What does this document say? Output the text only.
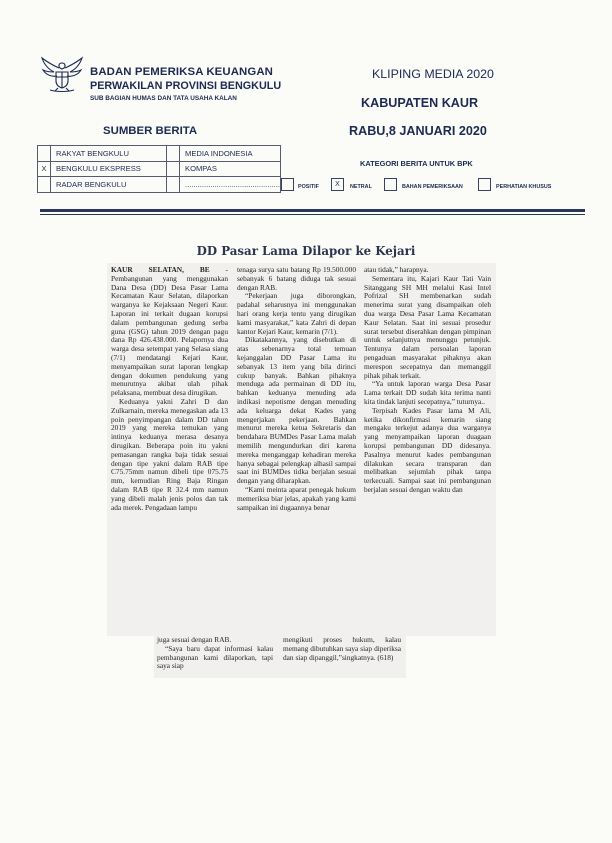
BADAN PEMERIKSA KEUANGAN
PERWAKILAN PROVINSI BENGKULU
SUB BAGIAN HUMAS DAN TATA USAHA KALAN
KLIPING MEDIA 2020
KABUPATEN KAUR
SUMBER BERITA	RABU,8 JANUARI 2020
	RAKYAT BENGKULU		MEDIA INDONESIA
X	BENGKULU EKSPRESS		KOMPAS
	RADAR BENGKULU		.............................................
KATEGORI BERITA UNTUK BPK
POSITIF	X	NETRAL	BAHAN PEMERIKSAAN	PERHATIAN KHUSUS
DD Pasar Lama Dilapor ke Kejari

KAUR SELATAN, BE - Pembangunan yang menggunakan Dana Desa (DD) Desa Pasar Lama Kecamatan Kaur Selatan, dilaporkan warganya ke Kejaksaan Negeri Kaur. Laporan ini terkait dugaan korupsi dalam pembangunan gedung serba guna (GSG) tahun 2019 dengan pagu dana Rp 426.438.000. Pelapornya dua warga desa setempat yang Selasa siang (7/1) mendatangi Kejari Kaur, menyampaikan surat laporan lengkap dengan dokumen pendukung yang menurutnya akibat ulah pihak pelaksana, membuat desa dirugikan.

Keduanya yakni Zahri D dan Zulkarnain, mereka menegaskan ada 13 poin penyimpangan dalam DD tahun 2019 yang mereka temukan yang intinya keduanya merasa desanya dirugikan. Beberapa poin itu yakni pemasangan rangka baja tidak sesuai dengan tipe yakni dalam RAB tipe C75.75mm namun dibeli tipe 075.75 mm, kemudian Ring Baja Ringan dalam RAB tipe R 32.4 mm namun yang dibeli malah jenis polos dan tak ada merek. Pengadaan lampu

tenaga surya satu batang Rp 19.500.000 sebanyak 6 batang diduga tak sesuai dengan RAB.

“Pekerjaan juga diborongkan, padahal seharusnya ini menggunakan hari orang kerja tentu yang dirugikan kami masyarakat,” kata Zahri di depan kantor Kejari Kaur, kemarin (7/1).

Dikatakannya, yang disebutkan di atas sebenarnya total temuan kejanggalan DD Pasar Lama itu sebanyak 13 item yang bila dirinci cukup banyak. Bahkan pihaknya menduga ada permainan di DD itu, bahkan keduanya menuding ada indikasi nepotisme dengan menuding ada keluarga dekat Kades yang mengerjakan pekerjaan. Bahkan menurut mereka ketua Sekretaris dan bendahara BUMDes Pasar Lama malah memilih mengundurkan diri karena mereka menganggap kehadiran mereka hanya sebagai pelengkap alhasil sampai saat ini BUMDes tidka berjalan sesuai dengan yang diharapkan.

“Kami meinta aparat penegak hukum memeriksa biar jelas, apakah yang kami sampaikan ini dugaannya benar

atau tidak,” harapnya.

Sementara itu, Kajari Kaur Tati Vain Sitanggang SH MH melalui Kasi Intel Pofrizal SH membenarkan sudah menerima surat yang disampaikan oleh dua warga Desa Pasar Lama Kecamatan Kaur Selatan. Saat ini sesuai prosedur surat tersebut diserahkan dengan pimpinan untuk selanjutnya menunggu petunjuk. Tentunya dalam persoalan laporan pengaduan masyarakat pihaknya akan merespon secepatnya dan memanggil pihak pihak terkait.

“Ya untuk laporan warga Desa Pasar Lama terkait DD sudah kita terima nanti kita tindak lanjuti secepatnya,” tuturnya..

Terpisah Kades Pasar lama M Ali, ketika dikonfirmasi kemarin siang mengaku terkejut adanya dua warganya yang menyampaikan laporan duagaan korupsi pembangunan DD didesanya. Pasalnya menurut kades pembangunan dilakukan secara transparan dan melibatkan sejumlah pihak tanpa terkecuali. Sampai saat ini pembangunan berjalan sesuai dengan waktu dan

juga sesuai dengan RAB.

“Saya baru dapat informasi kalau pembangunan kami dilaporkan, tapi saya siap

mengikuti proses hukum, kalau memang dibutuhkan saya siap diperiksa dan siap dipanggil,”singkatnya. (618)
